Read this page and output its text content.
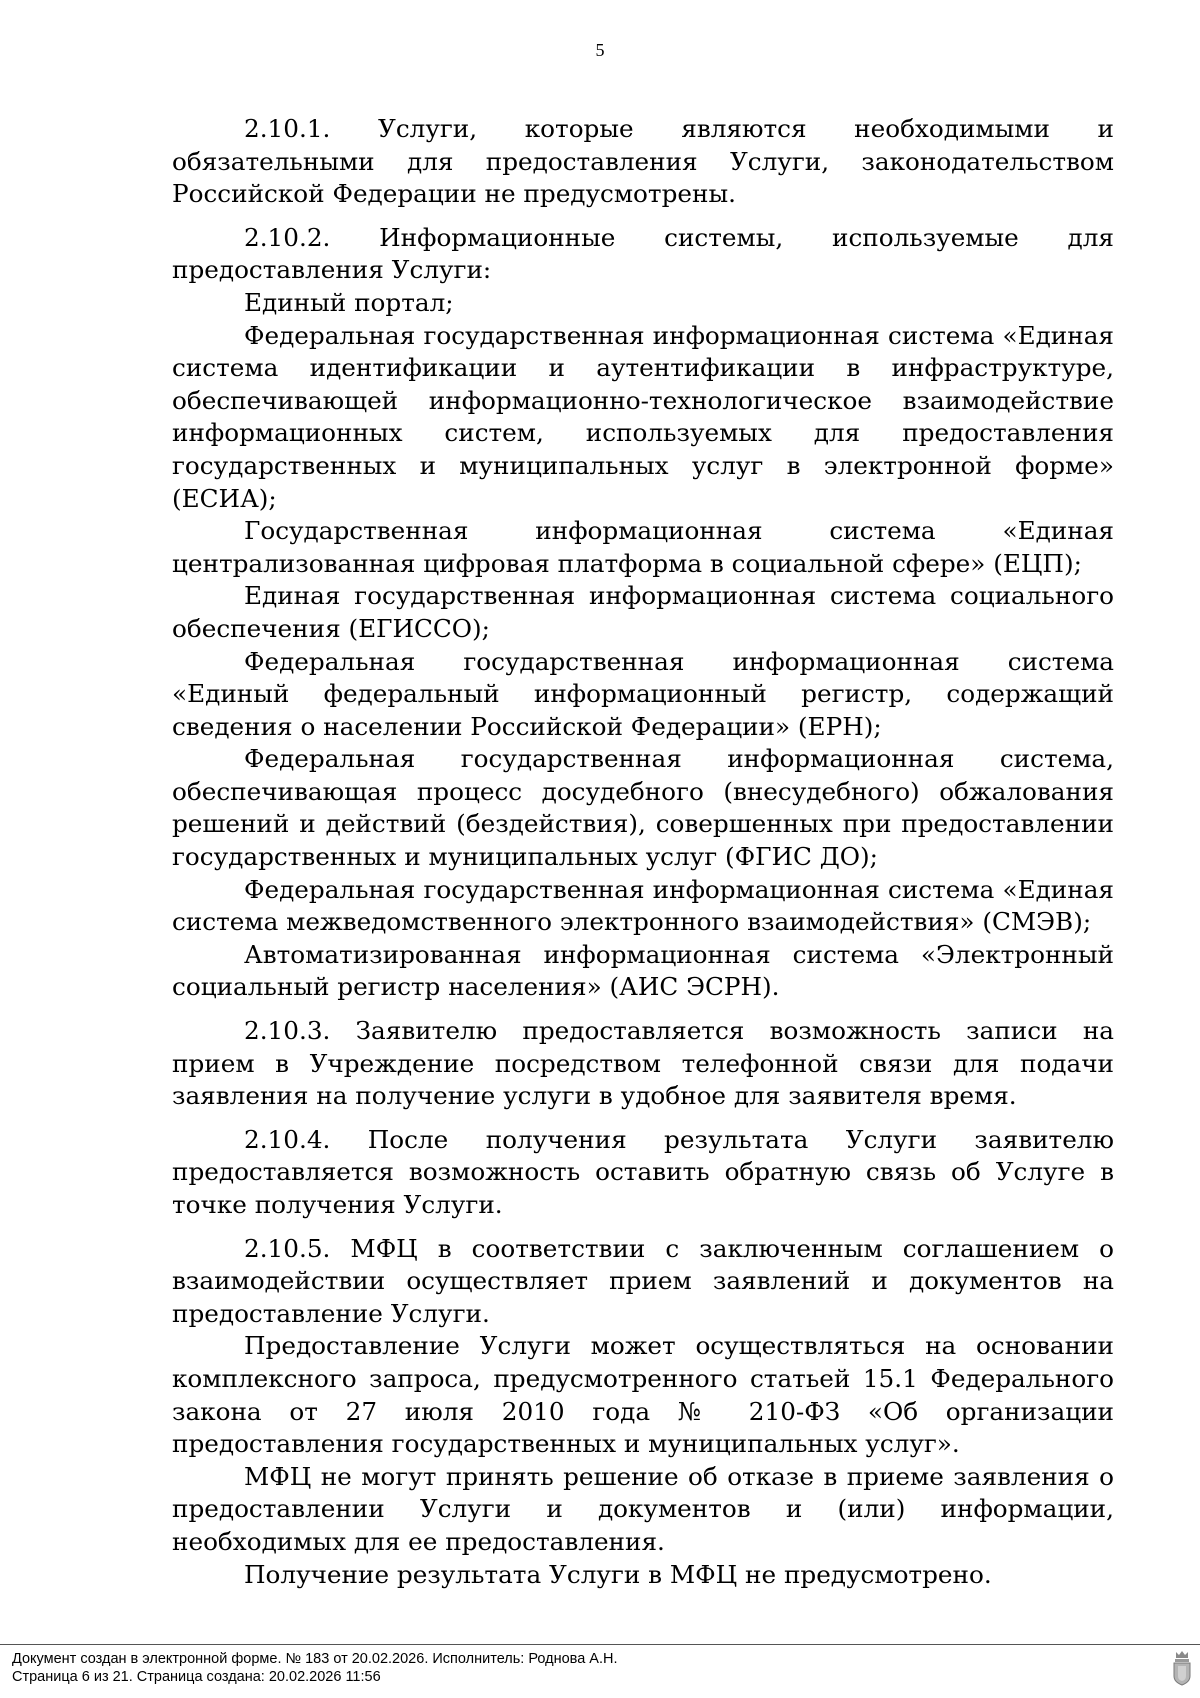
5

2.10.1. Услуги, которые являются необходимыми и обязательными для предоставления Услуги, законодательством Российской Федерации не предусмотрены.

2.10.2. Информационные системы, используемые для предоставления Услуги:

Единый портал;

Федеральная государственная информационная система «Единая система идентификации и аутентификации в инфраструктуре, обеспечивающей информационно-технологическое взаимодействие информационных систем, используемых для предоставления государственных и муниципальных услуг в электронной форме» (ЕСИА);

Государственная информационная система «Единая централизованная цифровая платформа в социальной сфере» (ЕЦП);

Единая государственная информационная система социального обеспечения (ЕГИССО);

Федеральная государственная информационная система «Единый федеральный информационный регистр, содержащий сведения о населении Российской Федерации» (ЕРН);

Федеральная государственная информационная система, обеспечивающая процесс досудебного (внесудебного) обжалования решений и действий (бездействия), совершенных при предоставлении государственных и муниципальных услуг (ФГИС ДО);

Федеральная государственная информационная система «Единая система межведомственного электронного взаимодействия» (СМЭВ);

Автоматизированная информационная система «Электронный социальный регистр населения» (АИС ЭСРН).

2.10.3. Заявителю предоставляется возможность записи на прием в Учреждение посредством телефонной связи для подачи заявления на получение услуги в удобное для заявителя время.

2.10.4. После получения результата Услуги заявителю предоставляется возможность оставить обратную связь об Услуге в точке получения Услуги.

2.10.5. МФЦ в соответствии с заключенным соглашением о взаимодействии осуществляет прием заявлений и документов на предоставление Услуги.

Предоставление Услуги может осуществляться на основании комплексного запроса, предусмотренного статьей 15.1 Федерального закона от 27 июля 2010 года № 210-ФЗ «Об организации предоставления государственных и муниципальных услуг».

МФЦ не могут принять решение об отказе в приеме заявления о предоставлении Услуги и документов и (или) информации, необходимых для ее предоставления.

Получение результата Услуги в МФЦ не предусмотрено.

Документ создан в электронной форме. № 183 от 20.02.2026. Исполнитель: Роднова А.Н.
Страница 6 из 21. Страница создана: 20.02.2026 11:56
